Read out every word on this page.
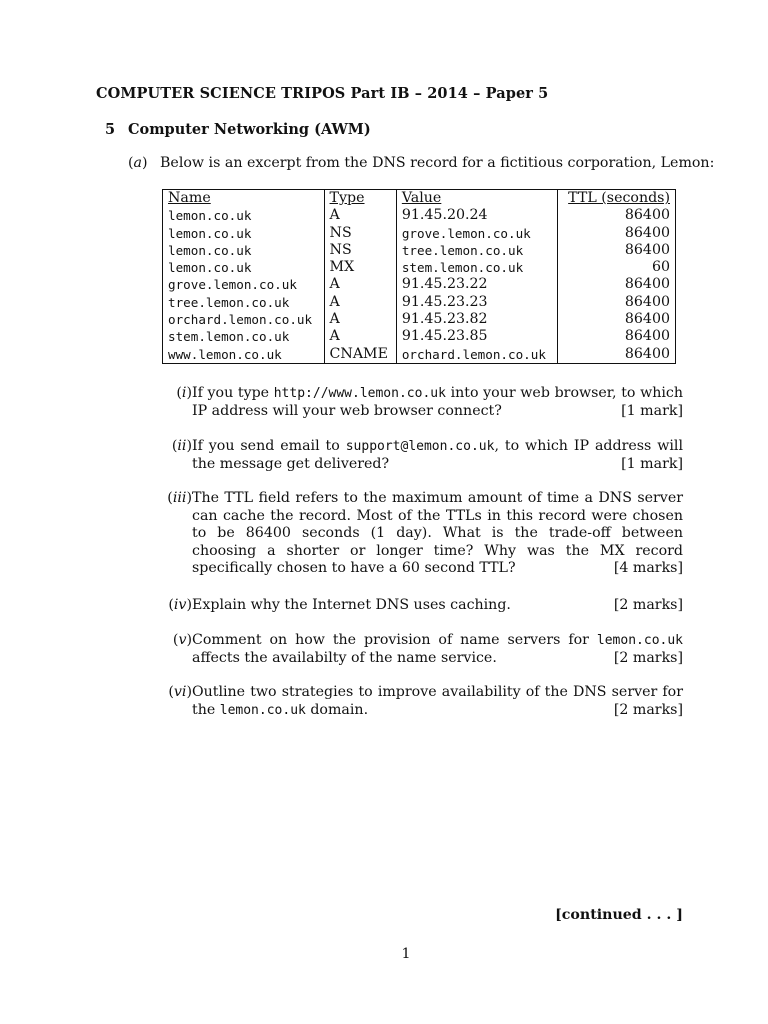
COMPUTER SCIENCE TRIPOS Part IB – 2014 – Paper 5
5 Computer Networking (AWM)
(a) Below is an excerpt from the DNS record for a fictitious corporation, Lemon:
Name	Type	Value	TTL (seconds)
lemon.co.uk	A	91.45.20.24	86400
lemon.co.uk	NS	grove.lemon.co.uk	86400
lemon.co.uk	NS	tree.lemon.co.uk	86400
lemon.co.uk	MX	stem.lemon.co.uk	60
grove.lemon.co.uk	A	91.45.23.22	86400
tree.lemon.co.uk	A	91.45.23.23	86400
orchard.lemon.co.uk	A	91.45.23.82	86400
stem.lemon.co.uk	A	91.45.23.85	86400
www.lemon.co.uk	CNAME	orchard.lemon.co.uk	86400
(i) If you type http://www.lemon.co.uk into your web browser, to which IP address will your web browser connect?	[1 mark]
(ii) If you send email to support@lemon.co.uk, to which IP address will the message get delivered?	[1 mark]
(iii) The TTL field refers to the maximum amount of time a DNS server can cache the record. Most of the TTLs in this record were chosen to be 86400 seconds (1 day). What is the trade-off between choosing a shorter or longer time? Why was the MX record specifically chosen to have a 60 second TTL?	[4 marks]
(iv) Explain why the Internet DNS uses caching.	[2 marks]
(v) Comment on how the provision of name servers for lemon.co.uk affects the availabilty of the name service.	[2 marks]
(vi) Outline two strategies to improve availability of the DNS server for the lemon.co.uk domain.	[2 marks]
[continued . . . ]
1
